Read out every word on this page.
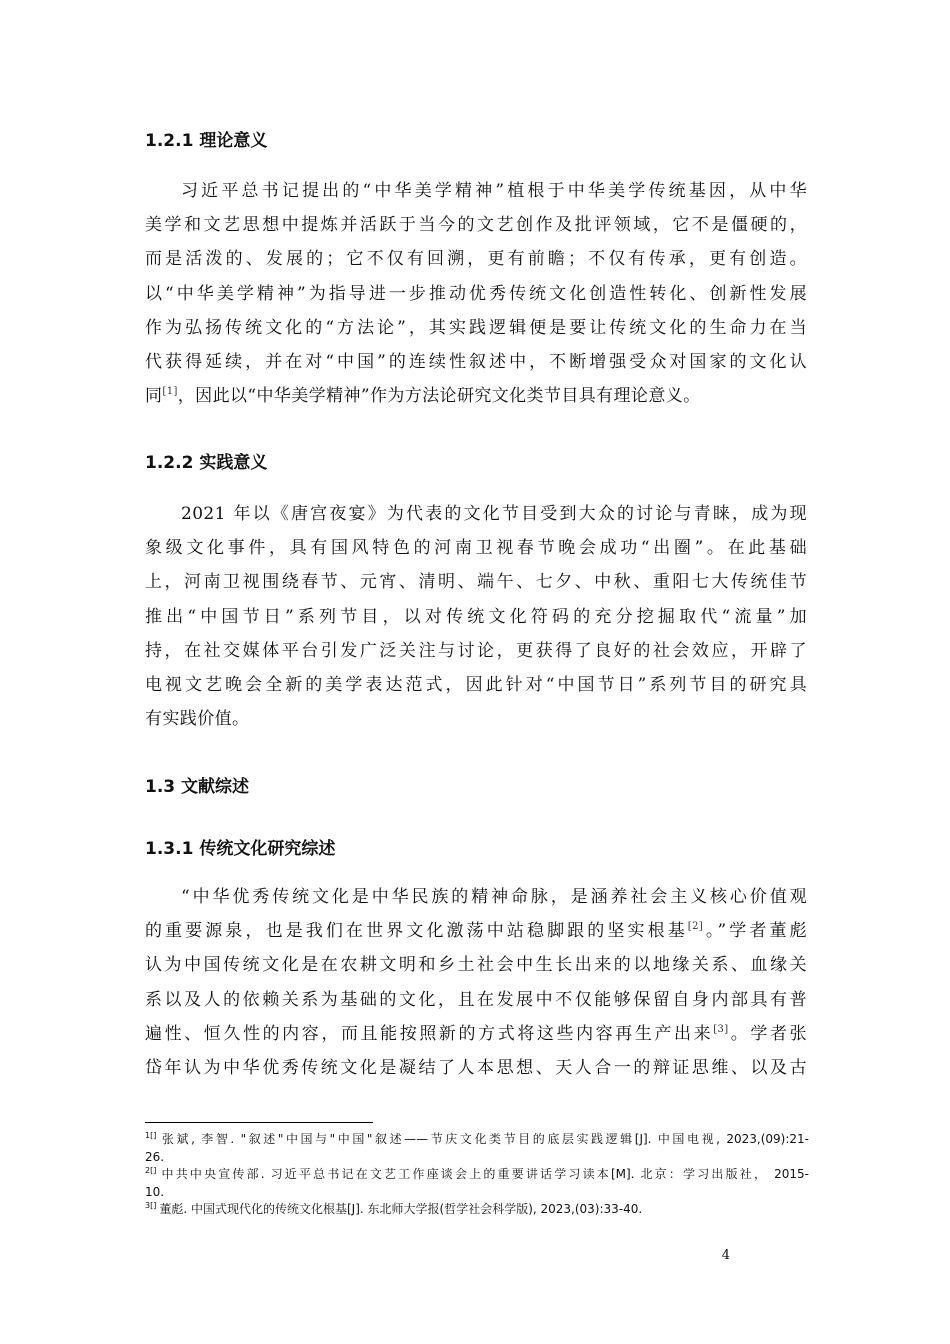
1.2.1 理论意义
习近平总书记提出的“中华美学精神”植根于中华美学传统基因，从中华
美学和文艺思想中提炼并活跃于当今的文艺创作及批评领域，它不是僵硬的，
而是活泼的、发展的；它不仅有回溯，更有前瞻；不仅有传承，更有创造。
以“中华美学精神”为指导进一步推动优秀传统文化创造性转化、创新性发展
作为弘扬传统文化的“方法论”，其实践逻辑便是要让传统文化的生命力在当
代获得延续，并在对“中国”的连续性叙述中，不断增强受众对国家的文化认
同[1]，因此以“中华美学精神”作为方法论研究文化类节目具有理论意义。
1.2.2 实践意义
2021 年以《唐宫夜宴》为代表的文化节目受到大众的讨论与青睐，成为现
象级文化事件，具有国风特色的河南卫视春节晚会成功“出圈”。在此基础
上，河南卫视围绕春节、元宵、清明、端午、七夕、中秋、重阳七大传统佳节
推出“中国节日”系列节目，以对传统文化符码的充分挖掘取代“流量”加
持，在社交媒体平台引发广泛关注与讨论，更获得了良好的社会效应，开辟了
电视文艺晚会全新的美学表达范式，因此针对“中国节日”系列节目的研究具
有实践价值。
1.3 文献综述
1.3.1 传统文化研究综述
“中华优秀传统文化是中华民族的精神命脉，是涵养社会主义核心价值观
的重要源泉，也是我们在世界文化激荡中站稳脚跟的坚实根基[2]。”学者董彪
认为中国传统文化是在农耕文明和乡土社会中生长出来的以地缘关系、血缘关
系以及人的依赖关系为基础的文化，且在发展中不仅能够保留自身内部具有普
遍性、恒久性的内容，而且能按照新的方式将这些内容再生产出来[3]。学者张
岱年认为中华优秀传统文化是凝结了人本思想、天人合一的辩证思维、以及古
$^{1[]}$ 张斌, 李智. "叙述"中国与"中国"叙述——节庆文化类节目的底层实践逻辑[J]. 中国电视, 2023,(09):21-
26.
$^{2[]}$ 中共中央宣传部. 习近平总书记在文艺工作座谈会上的重要讲话学习读本[M]. 北京：学习出版社， 2015-
10.
$^{3[]}$ 董彪. 中国式现代化的传统文化根基[J]. 东北师大学报(哲学社会科学版), 2023,(03):33-40.
4
